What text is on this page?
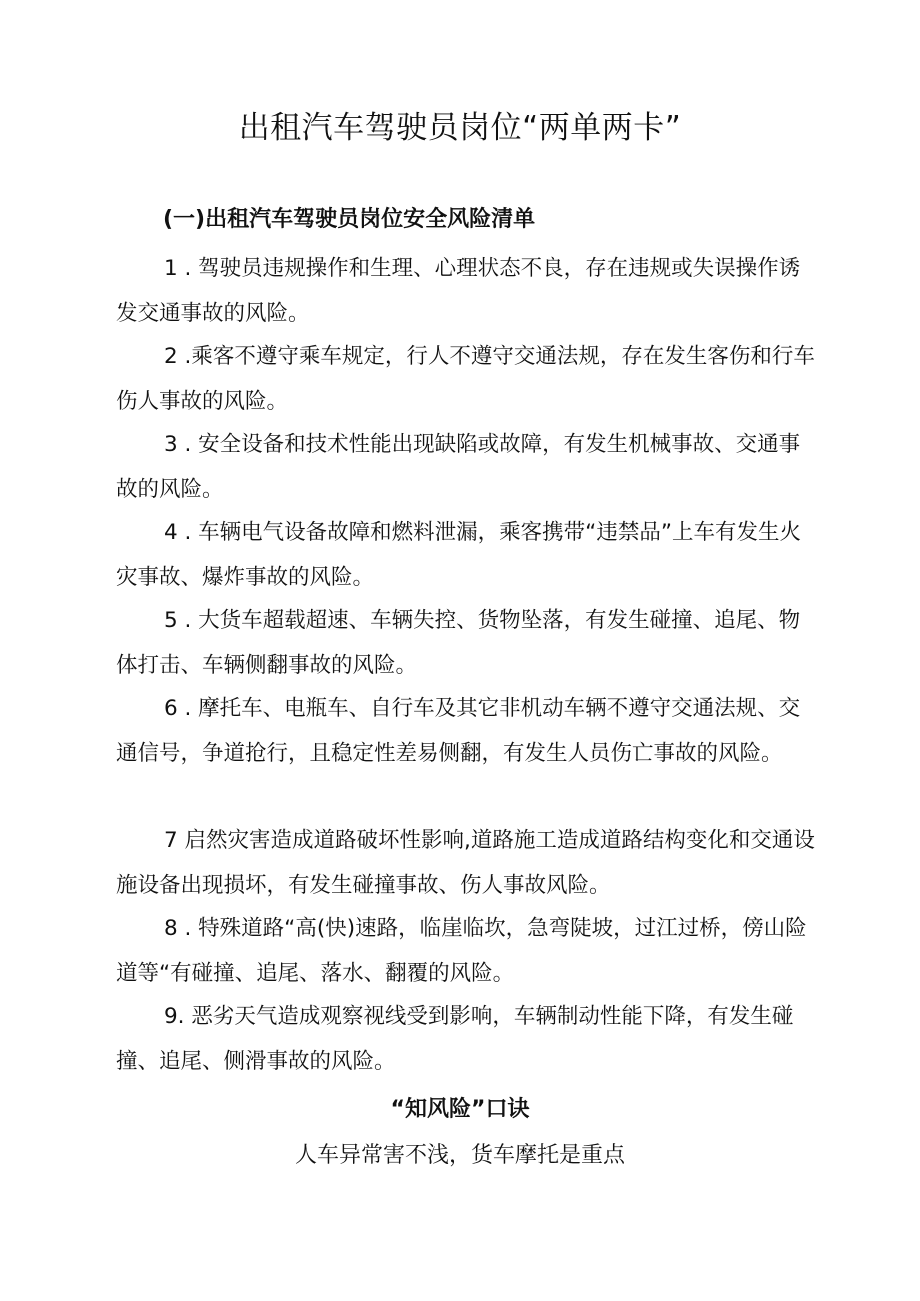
出租汽车驾驶员岗位“两单两卡”
(一)出租汽车驾驶员岗位安全风险清单

1 . 驾驶员违规操作和生理、心理状态不良，存在违规或失误操作诱发交通事故的风险。

2 .乘客不遵守乘车规定，行人不遵守交通法规，存在发生客伤和行车伤人事故的风险。

3 . 安全设备和技术性能出现缺陷或故障，有发生机械事故、交通事故的风险。

4 . 车辆电气设备故障和燃料泄漏，乘客携带“违禁品”上车有发生火灾事故、爆炸事故的风险。

5 . 大货车超载超速、车辆失控、货物坠落，有发生碰撞、追尾、物体打击、车辆侧翻事故的风险。

6 . 摩托车、电瓶车、自行车及其它非机动车辆不遵守交通法规、交通信号，争道抢行，且稳定性差易侧翻，有发生人员伤亡事故的风险。

7 启然灾害造成道路破坏性影响,道路施工造成道路结构变化和交通设施设备出现损坏，有发生碰撞事故、伤人事故风险。

8 . 特殊道路“高(快)速路，临崖临坎，急弯陡坡，过江过桥，傍山险道等“有碰撞、追尾、落水、翻覆的风险。

9. 恶劣天气造成观察视线受到影响，车辆制动性能下降，有发生碰撞、追尾、侧滑事故的风险。

“知风险”口诀
人车异常害不浅，货车摩托是重点
